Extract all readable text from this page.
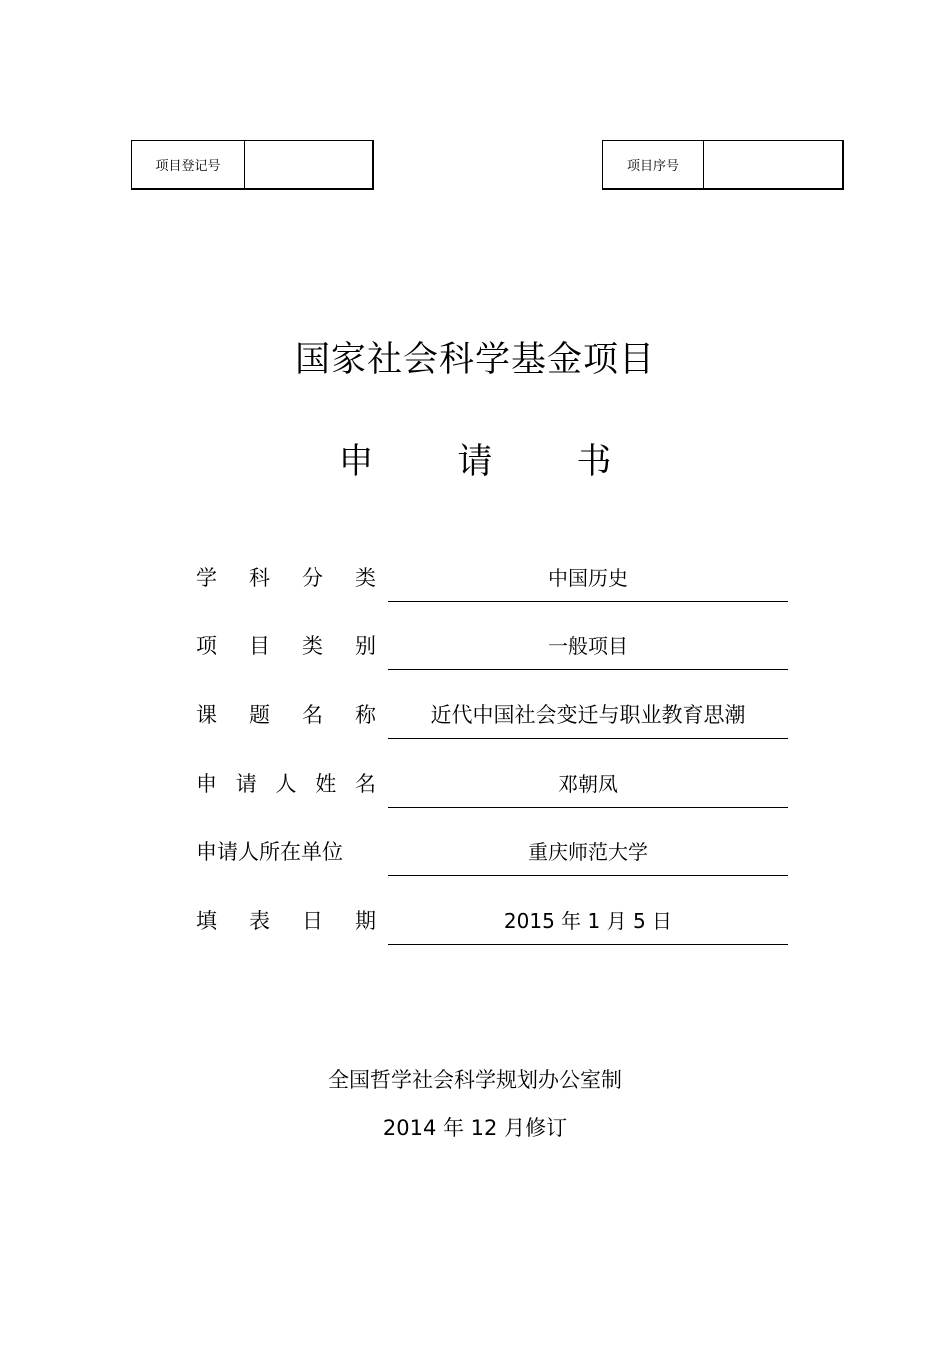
项目登记号	项目序号
国家社会科学基金项目
申 请 书
学 科 分 类	中国历史
项 目 类 别	一般项目
课 题 名 称	近代中国社会变迁与职业教育思潮
申 请 人 姓 名	邓朝凤
申请人所在单位	重庆师范大学
填 表 日 期	2015 年 1 月 5 日
全国哲学社会科学规划办公室制
2014 年 12 月修订
